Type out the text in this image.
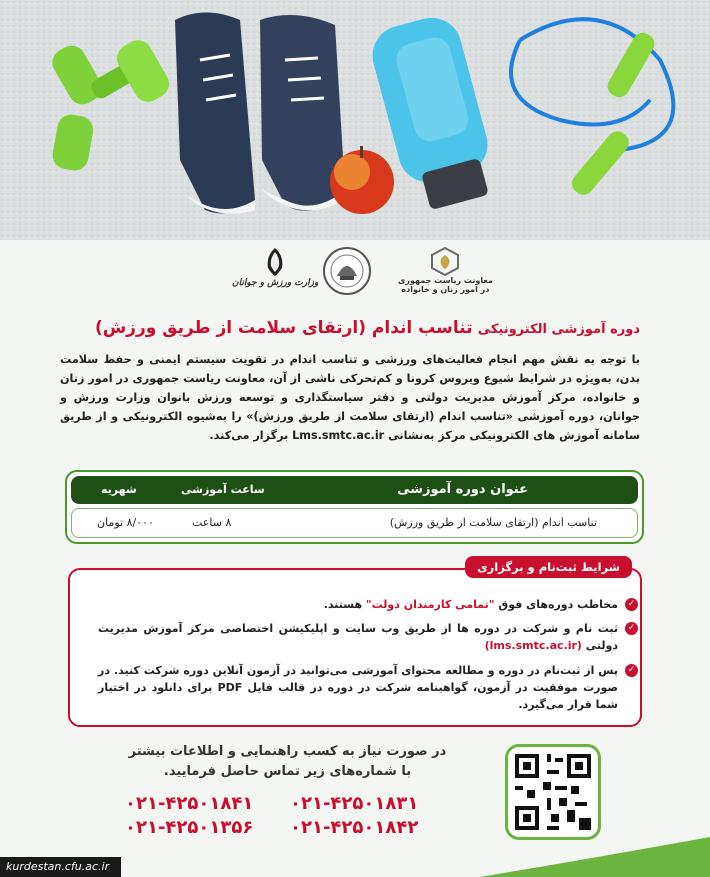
وزارت ورزش و جوانان	معاونت ریاست جمهوری
در امور زنان و خانواده
دوره آموزشی الکترونیکی تناسب اندام (ارتقای سلامت از طریق ورزش)
با توجه به نقش مهم انجام فعالیت‌های ورزشی و تناسب اندام در تقویت سیستم ایمنی و حفظ سلامت بدن، به‌ویژه در شرایط شیوع ویروس کرونا و کم‌تحرکی ناشی از آن، معاونت ریاست جمهوری در امور زنان و خانواده، مرکز آموزش مدیریت دولتی و دفتر سیاستگذاری و توسعه ورزش بانوان وزارت ورزش و جوانان، دوره آموزشی «تناسب اندام (ارتقای سلامت از طریق ورزش)» را به‌شیوه الکترونیکی و از طریق سامانه آموزش های الکترونیکی مرکز به‌نشانی Lms.smtc.ac.ir برگزار می‌کند.
عنوان دوره آموزشی
ساعت آموزشی
شهریه
تناسب اندام (ارتقای سلامت از طریق ورزش)
۸ ساعت
۸/۰۰۰ تومان
شرایط ثبت‌نام و برگزاری
✓
مخاطب دوره‌های فوق "تمامی کارمندان دولت" هستند.
✓
ثبت نام و شرکت در دوره ها از طریق وب سایت و اپلیکیشن اختصاصی مرکز آموزش مدیریت دولتی (lms.smtc.ac.ir)
✓
پس از ثبت‌نام در دوره و مطالعه محتوای آموزشی می‌توانید در آزمون آنلاین دوره شرکت کنید. در صورت موفقیت در آزمون، گواهینامه شرکت در دوره در قالب فایل PDF برای دانلود در اختیار شما قرار می‌گیرد.
در صورت نیاز به کسب راهنمایی و اطلاعات بیشتر
با شماره‌های زیر تماس حاصل فرمایید.
۰۲۱-۴۲۵۰۱۸۳۱
۰۲۱-۴۲۵۰۱۸۴۱
۰۲۱-۴۲۵۰۱۸۴۲
۰۲۱-۴۲۵۰۱۳۵۶
kurdestan.cfu.ac.ir
